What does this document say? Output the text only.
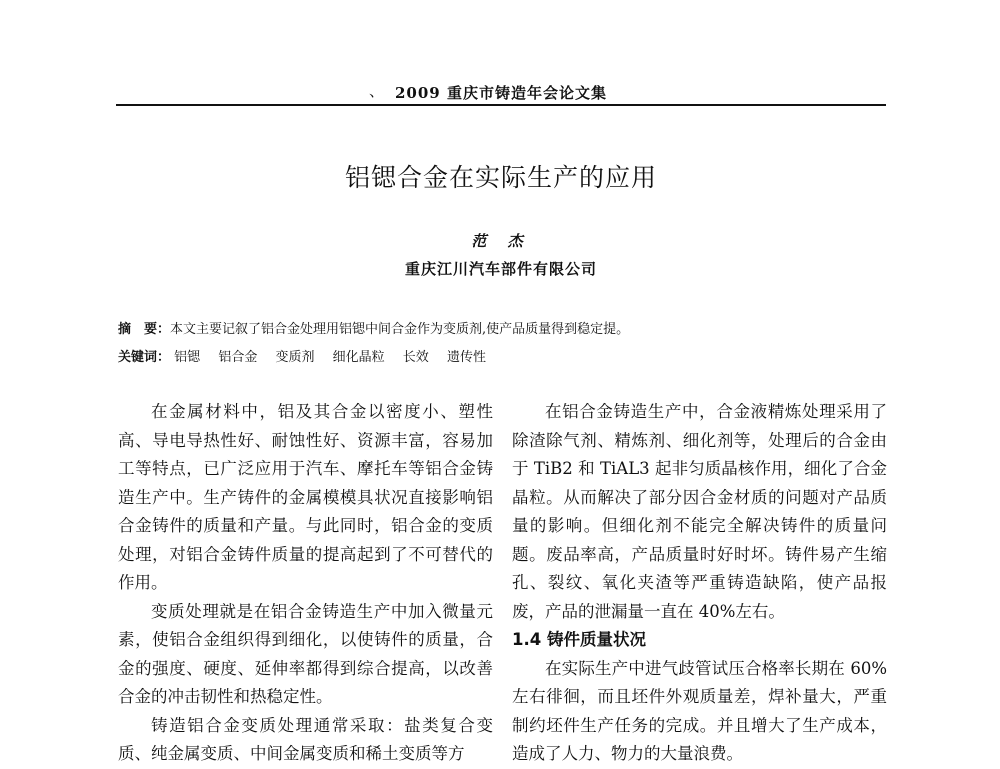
、 2009 重庆市铸造年会论文集
铝锶合金在实际生产的应用
范 杰
重庆江川汽车部件有限公司
摘　要：本文主要记叙了铝合金处理用铝锶中间合金作为变质剂,使产品质量得到稳定提。
关键词： 铝锶 铝合金 变质剂 细化晶粒 长效 遗传性

在金属材料中，铝及其合金以密度小、塑性高、导电导热性好、耐蚀性好、资源丰富，容易加工等特点，已广泛应用于汽车、摩托车等铝合金铸造生产中。生产铸件的金属模模具状况直接影响铝合金铸件的质量和产量。与此同时，铝合金的变质处理，对铝合金铸件质量的提高起到了不可替代的作用。

变质处理就是在铝合金铸造生产中加入微量元素，使铝合金组织得到细化，以使铸件的质量，合金的强度、硬度、延伸率都得到综合提高，以改善合金的冲击韧性和热稳定性。

铸造铝合金变质处理通常采取：盐类复合变质、纯金属变质、中间金属变质和稀土变质等方

在铝合金铸造生产中，合金液精炼处理采用了除渣除气剂、精炼剂、细化剂等，处理后的合金由于 TiB2 和 TiAL3 起非匀质晶核作用，细化了合金晶粒。从而解决了部分因合金材质的问题对产品质量的影响。但细化剂不能完全解决铸件的质量问题。废品率高，产品质量时好时坏。铸件易产生缩孔、裂纹、氧化夹渣等严重铸造缺陷，使产品报废，产品的泄漏量一直在 40%左右。

1.4 铸件质量状况

在实际生产中进气歧管试压合格率长期在 60%左右徘徊，而且坯件外观质量差，焊补量大，严重制约坯件生产任务的完成。并且增大了生产成本，造成了人力、物力的大量浪费。
